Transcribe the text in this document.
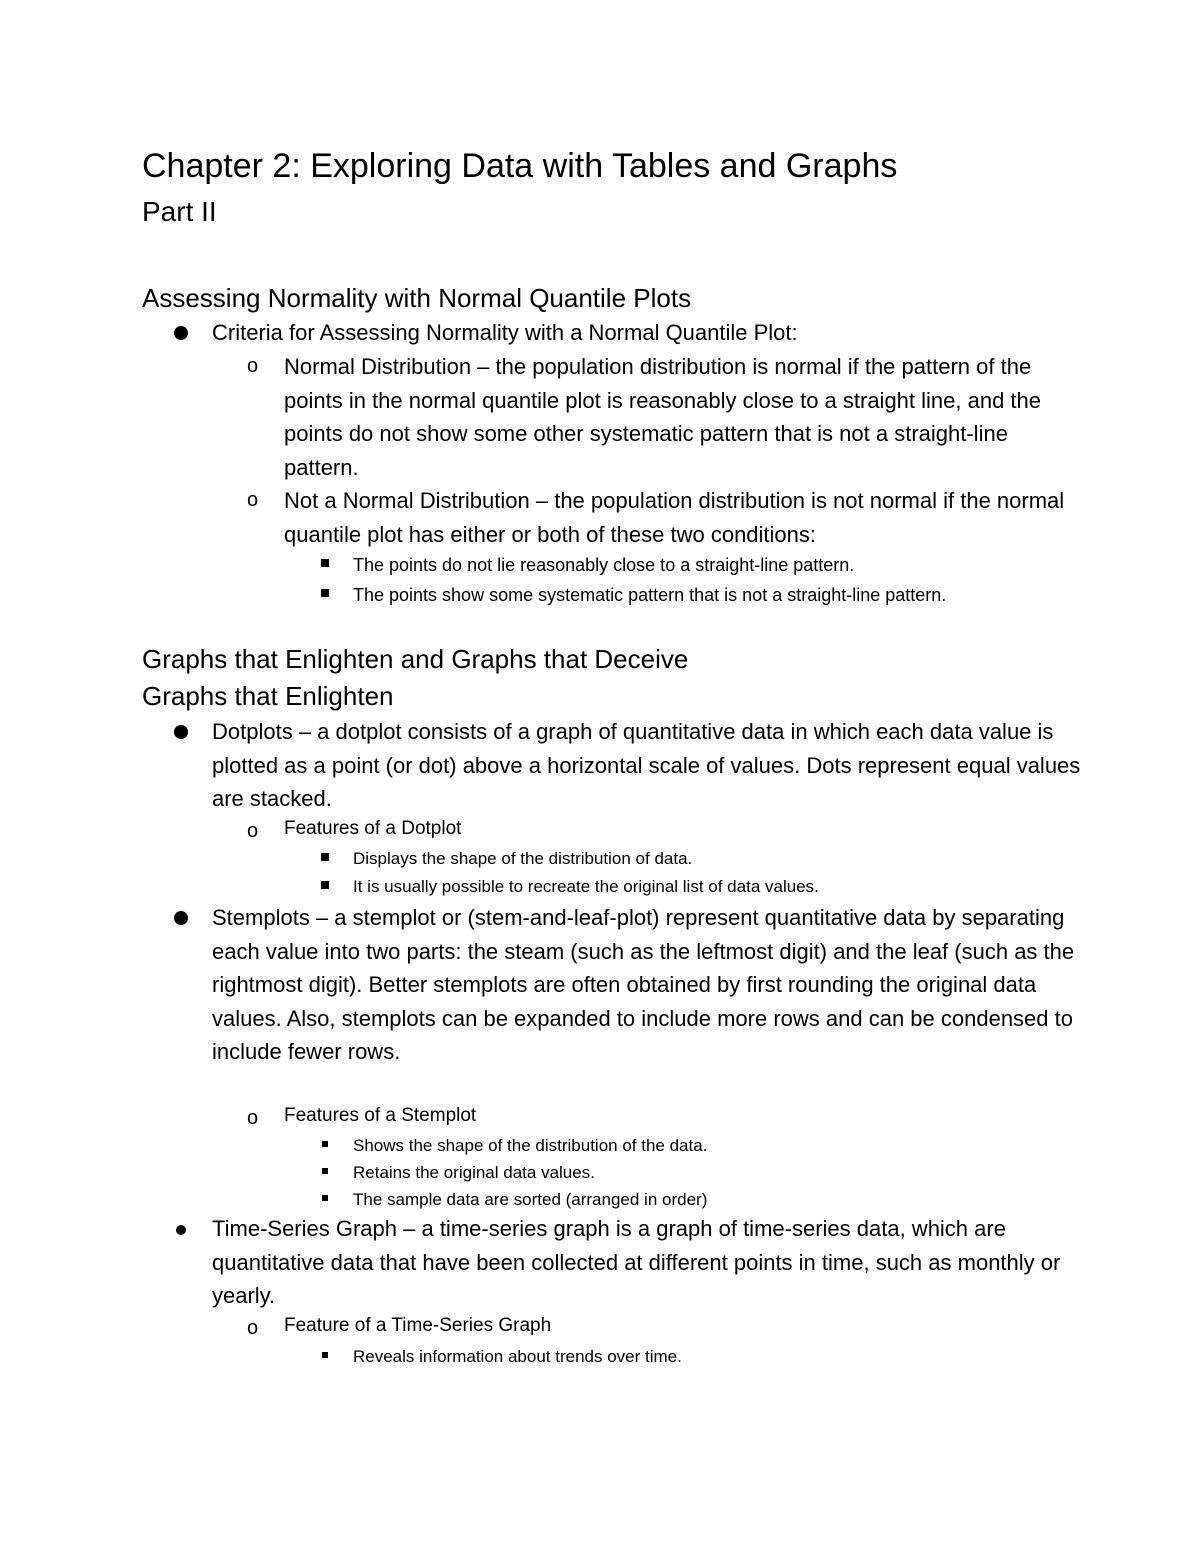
Chapter 2: Exploring Data with Tables and Graphs
Part II
Assessing Normality with Normal Quantile Plots
Criteria for Assessing Normality with a Normal Quantile Plot:
o Normal Distribution – the population distribution is normal if the pattern of the points in the normal quantile plot is reasonably close to a straight line, and the points do not show some other systematic pattern that is not a straight-line pattern.
o Not a Normal Distribution – the population distribution is not normal if the normal quantile plot has either or both of these two conditions:
The points do not lie reasonably close to a straight-line pattern.
The points show some systematic pattern that is not a straight-line pattern.
Graphs that Enlighten and Graphs that Deceive
Graphs that Enlighten
Dotplots – a dotplot consists of a graph of quantitative data in which each data value is plotted as a point (or dot) above a horizontal scale of values. Dots represent equal values are stacked.
o Features of a Dotplot
Displays the shape of the distribution of data.
It is usually possible to recreate the original list of data values.
Stemplots – a stemplot or (stem-and-leaf-plot) represent quantitative data by separating each value into two parts: the steam (such as the leftmost digit) and the leaf (such as the rightmost digit). Better stemplots are often obtained by first rounding the original data values. Also, stemplots can be expanded to include more rows and can be condensed to include fewer rows.
o Features of a Stemplot
Shows the shape of the distribution of the data.
Retains the original data values.
The sample data are sorted (arranged in order)
Time-Series Graph – a time-series graph is a graph of time-series data, which are quantitative data that have been collected at different points in time, such as monthly or yearly.
o Feature of a Time-Series Graph
Reveals information about trends over time.
